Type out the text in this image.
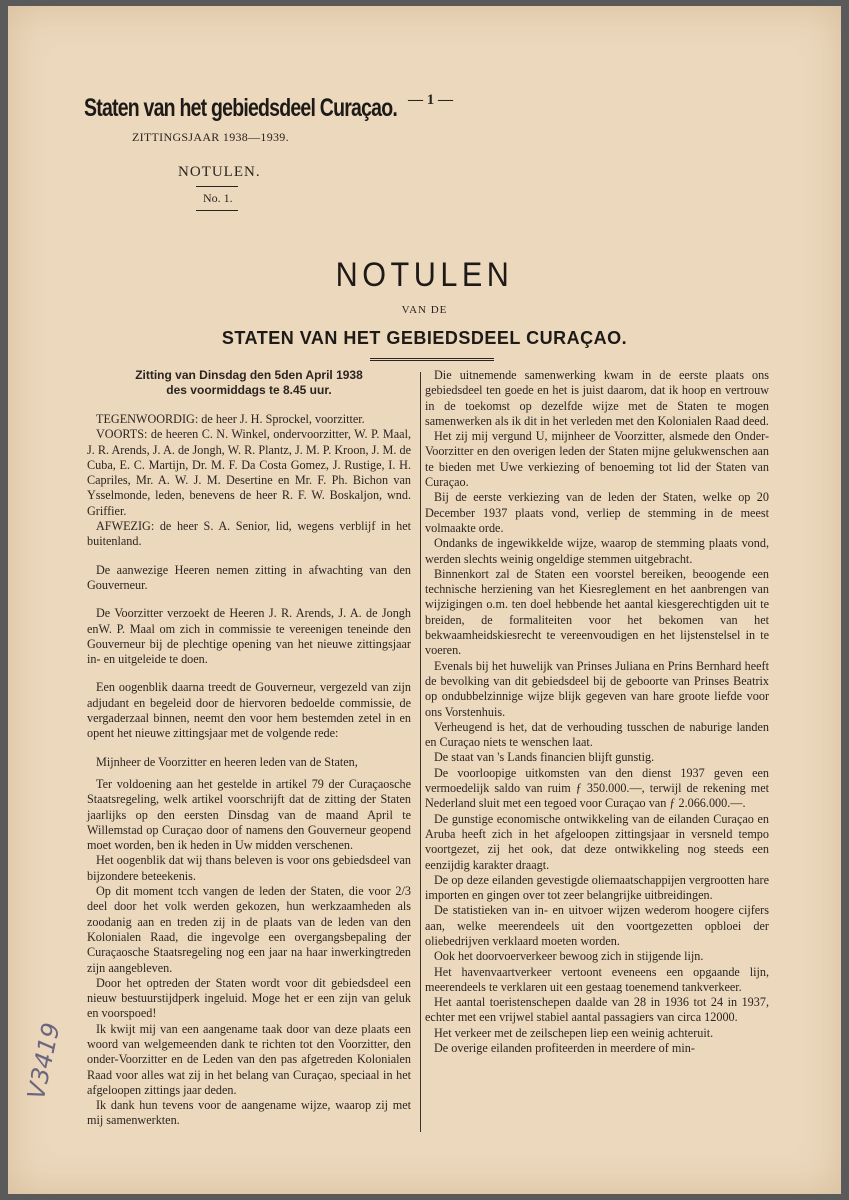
Staten van het gebiedsdeel Curaçao.
ZITTINGSJAAR 1938—1939.
— 1 —
NOTULEN.
No. 1.
NOTULEN
VAN DE
STATEN VAN HET GEBIEDSDEEL CURAÇAO.
Zitting van Dinsdag den 5den April 1938
des voormiddags te 8.45 uur.

TEGENWOORDIG: de heer J. H. Sprockel, voorzitter.

VOORTS: de heeren C. N. Winkel, ondervoorzitter, W. P. Maal, J. R. Arends, J. A. de Jongh, W. R. Plantz, J. M. P. Kroon, J. M. de Cuba, E. C. Martijn, Dr. M. F. Da Costa Gomez, J. Rustige, I. H. Capriles, Mr. A. W. J. M. Desertine en Mr. F. Ph. Bichon van Ysselmonde, leden, benevens de heer R. F. W. Boskaljon, wnd. Griffier.

AFWEZIG: de heer S. A. Senior, lid, wegens verblijf in het buitenland.

De aanwezige Heeren nemen zitting in afwachting van den Gouverneur.

De Voorzitter verzoekt de Heeren J. R. Arends, J. A. de Jongh enW. P. Maal om zich in commissie te vereenigen teneinde den Gouverneur bij de plechtige opening van het nieuwe zittingsjaar in- en uitgeleide te doen.

Een oogenblik daarna treedt de Gouverneur, vergezeld van zijn adjudant en begeleid door de hiervoren bedoelde commissie, de vergaderzaal binnen, neemt den voor hem bestemden zetel in en opent het nieuwe zittingsjaar met de volgende rede:

Mijnheer de Voorzitter en heeren leden van de Staten,

Ter voldoening aan het gestelde in artikel 79 der Curaçaosche Staatsregeling, welk artikel voorschrijft dat de zitting der Staten jaarlijks op den eersten Dinsdag van de maand April te Willemstad op Curaçao door of namens den Gouverneur geopend moet worden, ben ik heden in Uw midden verschenen.

Het oogenblik dat wij thans beleven is voor ons gebiedsdeel van bijzondere beteekenis.

Op dit moment tcch vangen de leden der Staten, die voor 2/3 deel door het volk werden gekozen, hun werkzaamheden als zoodanig aan en treden zij in de plaats van de leden van den Kolonialen Raad, die ingevolge een overgangsbepaling der Curaçaosche Staatsregeling nog een jaar na haar inwerkingtreden zijn aangebleven.

Door het optreden der Staten wordt voor dit gebiedsdeel een nieuw bestuurstijdperk ingeluid. Moge het er een zijn van geluk en voorspoed!

Ik kwijt mij van een aangename taak door van deze plaats een woord van welgemeenden dank te richten tot den Voorzitter, den onder-Voorzitter en de Leden van den pas afgetreden Kolonialen Raad voor alles wat zij in het belang van Curaçao, speciaal in het afgeloopen zittings jaar deden.

Ik dank hun tevens voor de aangename wijze, waarop zij met mij samenwerkten.

Die uitnemende samenwerking kwam in de eerste plaats ons gebiedsdeel ten goede en het is juist daarom, dat ik hoop en vertrouw in de toekomst op dezelfde wijze met de Staten te mogen samenwerken als ik dit in het verleden met den Kolonialen Raad deed.

Het zij mij vergund U, mijnheer de Voorzitter, alsmede den Onder-Voorzitter en den overigen leden der Staten mijne gelukwenschen aan te bieden met Uwe verkiezing of benoeming tot lid der Staten van Curaçao.

Bij de eerste verkiezing van de leden der Staten, welke op 20 December 1937 plaats vond, verliep de stemming in de meest volmaakte orde.

Ondanks de ingewikkelde wijze, waarop de stemming plaats vond, werden slechts weinig ongeldige stemmen uitgebracht.

Binnenkort zal de Staten een voorstel bereiken, beoogende een technische herziening van het Kiesreglement en het aanbrengen van wijzigingen o.m. ten doel hebbende het aantal kiesgerechtigden uit te breiden, de formaliteiten voor het bekomen van het bekwaamheidskiesrecht te vereenvoudigen en het lijstenstelsel in te voeren.

Evenals bij het huwelijk van Prinses Juliana en Prins Bernhard heeft de bevolking van dit gebiedsdeel bij de geboorte van Prinses Beatrix op ondubbelzinnige wijze blijk gegeven van hare groote liefde voor ons Vorstenhuis.

Verheugend is het, dat de verhouding tusschen de naburige landen en Curaçao niets te wenschen laat.

De staat van 's Lands financien blijft gunstig.

De voorloopige uitkomsten van den dienst 1937 geven een vermoedelijk saldo van ruim ƒ 350.000.—, terwijl de rekening met Nederland sluit met een tegoed voor Curaçao van ƒ 2.066.000.—.

De gunstige economische ontwikkeling van de eilanden Curaçao en Aruba heeft zich in het afgeloopen zittingsjaar in versneld tempo voortgezet, zij het ook, dat deze ontwikkeling nog steeds een eenzijdig karakter draagt.

De op deze eilanden gevestigde oliemaatschappijen vergrootten hare importen en gingen over tot zeer belangrijke uitbreidingen.

De statistieken van in- en uitvoer wijzen wederom hoogere cijfers aan, welke meerendeels uit den voortgezetten opbloei der oliebedrijven verklaard moeten worden.

Ook het doorvoerverkeer bewoog zich in stijgende lijn.

Het havenvaartverkeer vertoont eveneens een opgaande lijn, meerendeels te verklaren uit een gestaag toenemend tankverkeer.

Het aantal toeristenschepen daalde van 28 in 1936 tot 24 in 1937, echter met een vrijwel stabiel aantal passagiers van circa 12000.

Het verkeer met de zeilschepen liep een weinig achteruit.

De overige eilanden profiteerden in meerdere of min-

V3419
